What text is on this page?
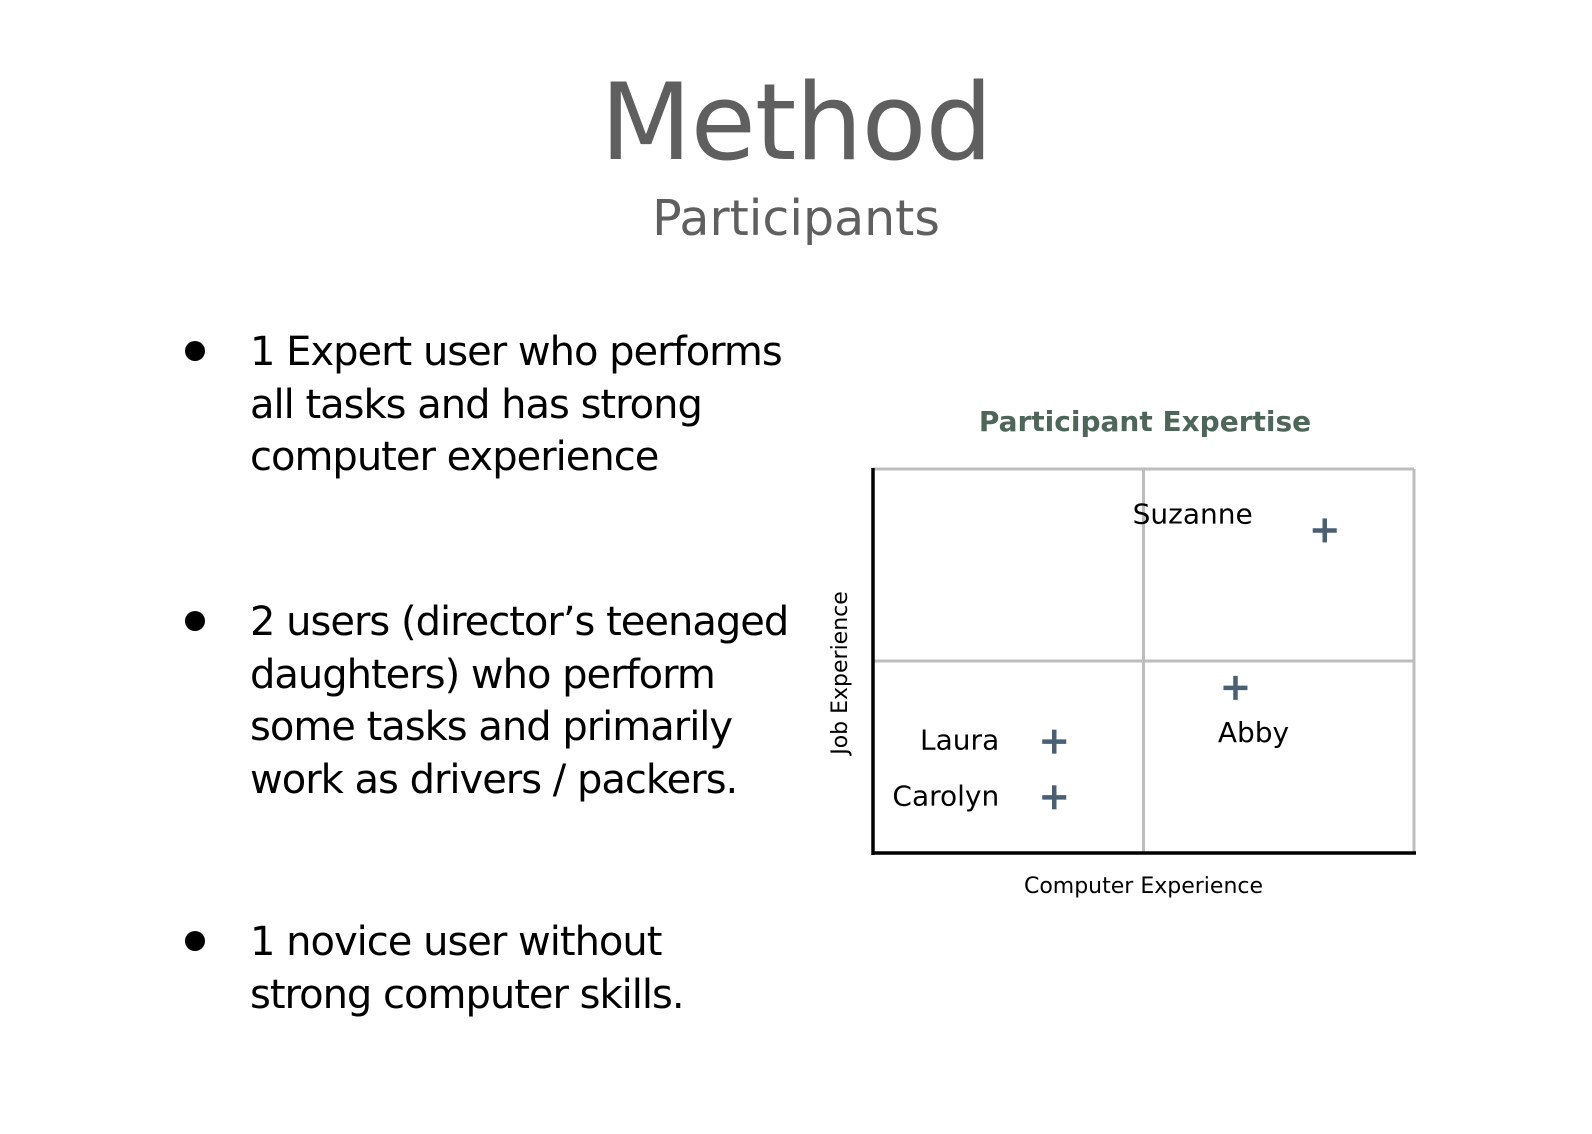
Method
Participants
1 Expert user who performs all tasks and has strong computer experience
2 users (director’s teenaged daughters) who perform some tasks and primarily work as drivers / packers.
1 novice user without strong computer skills.
Participant Expertise
Suzanne
Abby
Laura
Carolyn
Computer Experience
Job Experience
